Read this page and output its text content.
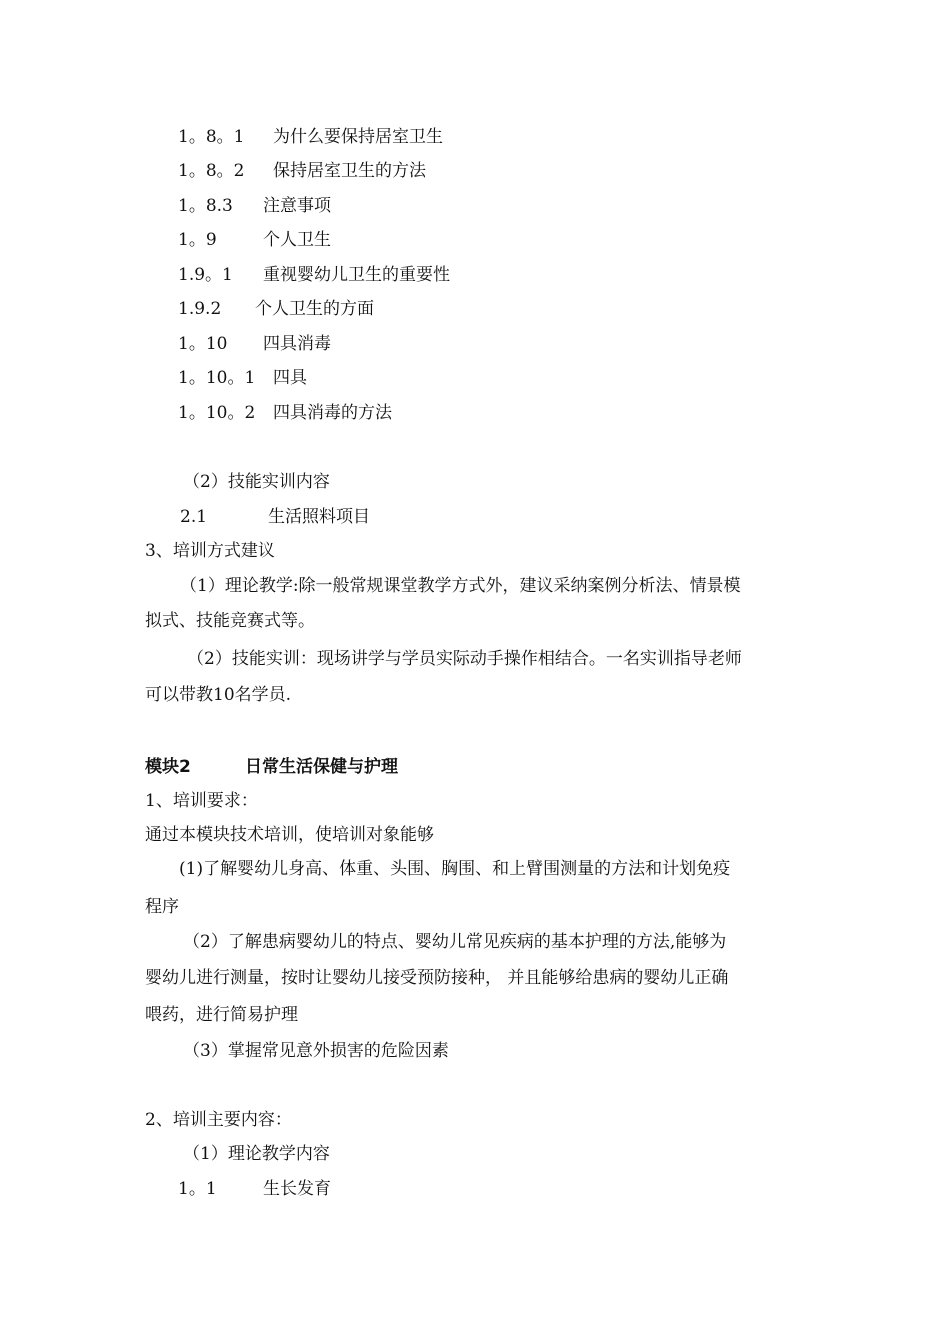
1。8。1 为什么要保持居室卫生
1。8。2 保持居室卫生的方法
1。8.3 注意事项
1。9	个人卫生
1.9。1 重视婴幼儿卫生的重要性
1.9.2 个人卫生的方面
1。10 四具消毒
1。10。1 四具
1。10。2 四具消毒的方法
（2）技能实训内容
2.1	生活照料项目
3、培训方式建议
（1）理论教学:除一般常规课堂教学方式外，建议采纳案例分析法、情景模
拟式、技能竞赛式等。
（2）技能实训：现场讲学与学员实际动手操作相结合。一名实训指导老师
可以带教10名学员.
模块2	日常生活保健与护理
1、培训要求：
通过本模块技术培训，使培训对象能够
(1)了解婴幼儿身高、体重、头围、胸围、和上臂围测量的方法和计划免疫
程序
（2）了解患病婴幼儿的特点、婴幼儿常见疾病的基本护理的方法,能够为
婴幼儿进行测量，按时让婴幼儿接受预防接种， 并且能够给患病的婴幼儿正确
喂药，进行简易护理
（3）掌握常见意外损害的危险因素
2、培训主要内容：
（1）理论教学内容
1。1	生长发育
